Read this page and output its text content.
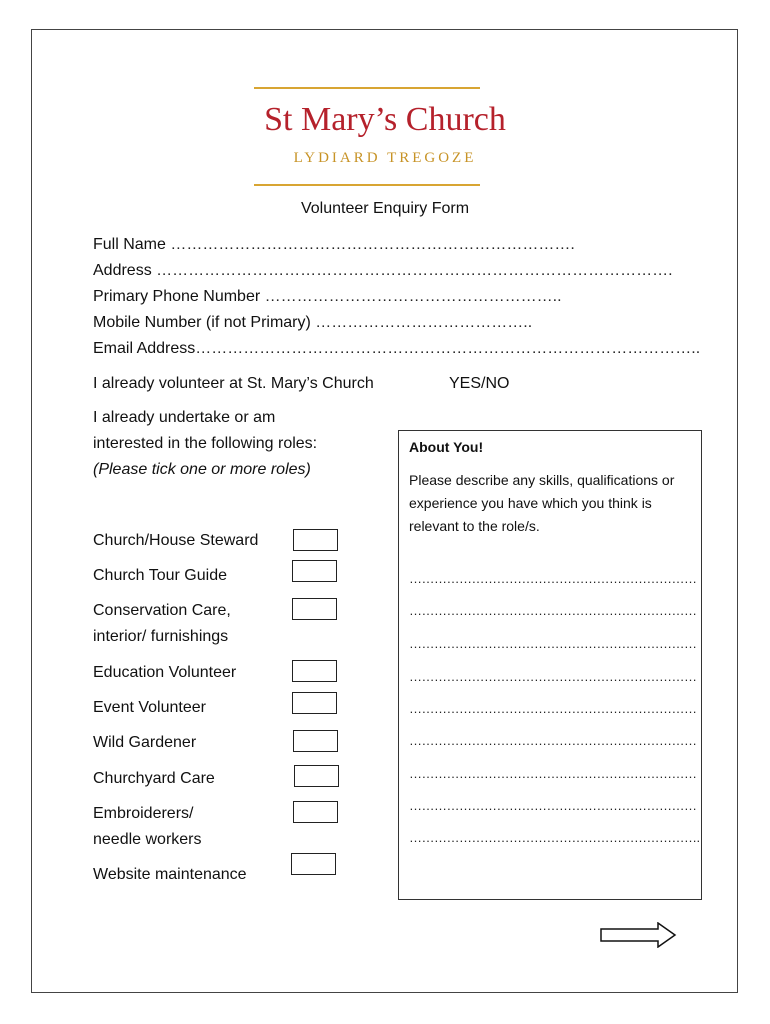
St Mary’s Church
LYDIARD TREGOZE
Volunteer Enquiry Form
Full Name ………………………………………………………………….
Address …………………………………………………………………………………….
Primary Phone Number ………………………………………………..
Mobile Number (if not Primary) …………………………………..
Email Address…………………………………………………………………………………..
I already volunteer at St. Mary’s Church	YES/NO
I already undertake or am
interested in the following roles:
(Please tick one or more roles)
Church/House Steward
Church Tour Guide
Conservation Care,
interior/ furnishings
Education Volunteer
Event Volunteer
Wild Gardener
Churchyard Care
Embroiderers/
needle workers
Website maintenance
About You!
Please describe any skills, qualifications or experience you have which you think is relevant to the role/s.
……………………………………………………………
……………………………………………………………
……………………………………………………………
……………………………………………………………
……………………………………………………………
……………………………………………………………
……………………………………………………………
……………………………………………………………
…………………………………………………………….
